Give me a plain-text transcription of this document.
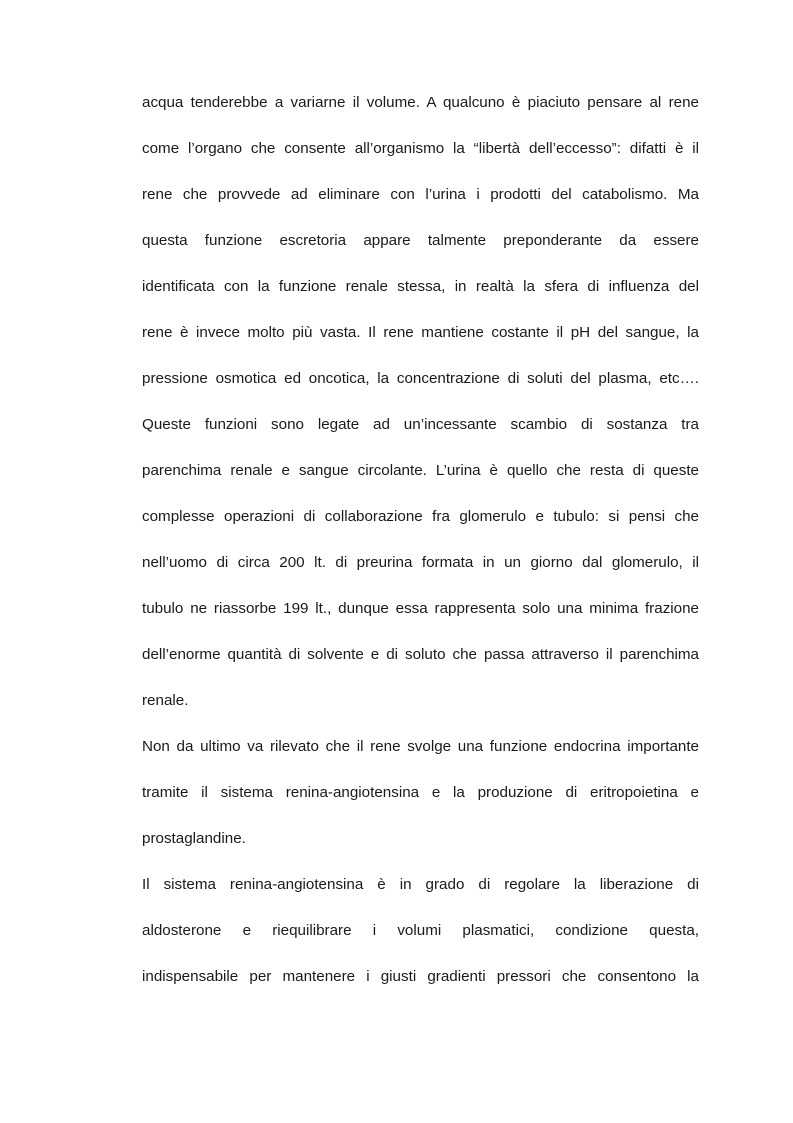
acqua tenderebbe a variarne il volume. A qualcuno è piaciuto pensare al rene
come l’organo che consente all’organismo la “libertà dell’eccesso”: difatti è il
rene che provvede ad eliminare con l’urina i prodotti del catabolismo. Ma
questa funzione escretoria appare talmente preponderante da essere
identificata con la funzione renale stessa, in realtà la sfera di influenza del
rene è invece molto più vasta. Il rene mantiene costante il pH del sangue, la
pressione osmotica ed oncotica, la concentrazione di soluti del plasma, etc….
Queste funzioni sono legate ad un’incessante scambio di sostanza tra
parenchima renale e sangue circolante. L’urina è quello che resta di queste
complesse operazioni di collaborazione fra glomerulo e tubulo: si pensi che
nell’uomo di circa 200 lt. di preurina formata in un giorno dal glomerulo, il
tubulo ne riassorbe 199 lt., dunque essa rappresenta solo una minima frazione
dell’enorme quantità di solvente e di soluto che passa attraverso il parenchima
renale.
Non da ultimo va rilevato che il rene svolge una funzione endocrina importante
tramite il sistema renina-angiotensina e la produzione di eritropoietina e
prostaglandine.
Il sistema renina-angiotensina è in grado di regolare la liberazione di
aldosterone e riequilibrare i volumi plasmatici, condizione questa,
indispensabile per mantenere i giusti gradienti pressori che consentono la
